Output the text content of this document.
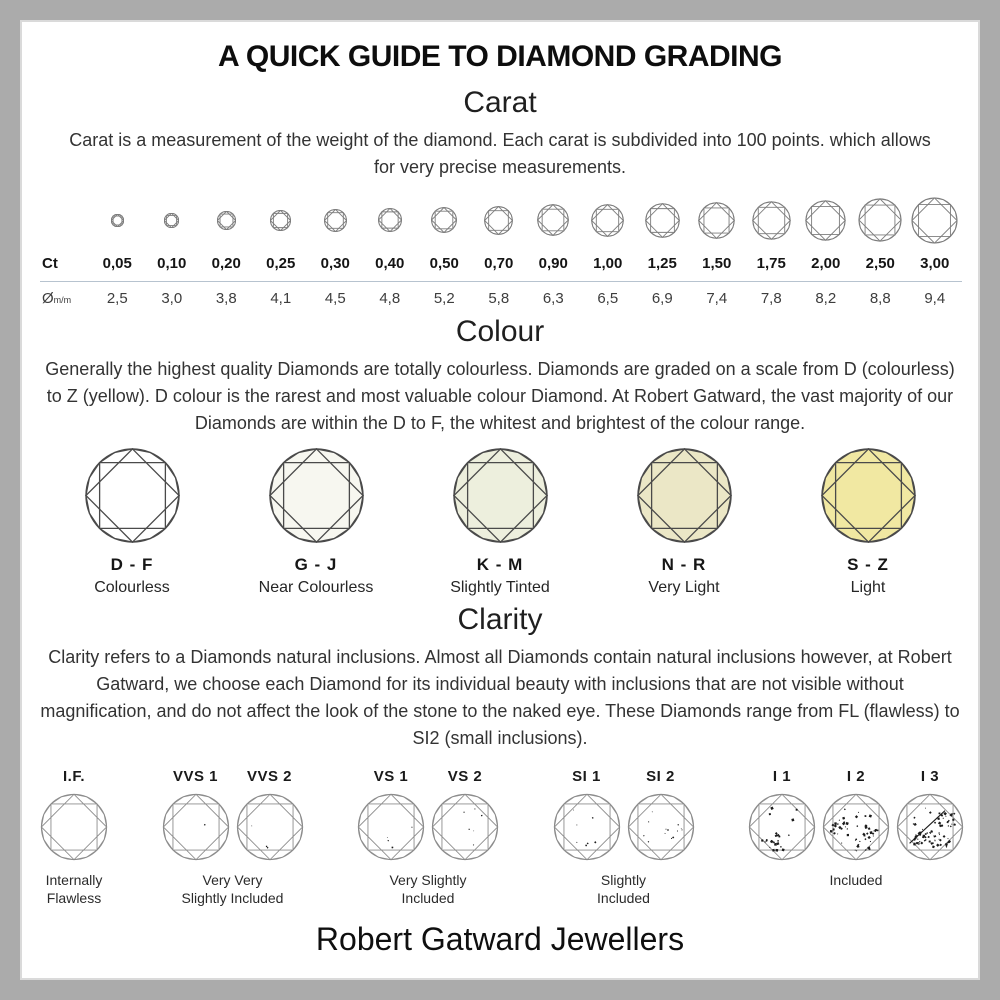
A QUICK GUIDE TO DIAMOND GRADING
Carat

Carat is a measurement of the weight of the diamond. Each carat is subdivided into 100 points. which allows for very precise measurements.

Ct	0,05	0,10	0,20	0,25	0,30	0,40	0,50	0,70	0,90	1,00	1,25	1,50	1,75	2,00	2,50	3,00
Øm/m	2,5	3,0	3,8	4,1	4,5	4,8	5,2	5,8	6,3	6,5	6,9	7,4	7,8	8,2	8,8	9,4
Colour

Generally the highest quality Diamonds are totally colourless. Diamonds are graded on a scale from D (colourless) to Z (yellow). D colour is the rarest and most valuable colour Diamond. At Robert Gatward, the vast majority of our Diamonds are within the D to F, the whitest and brightest of the colour range.

D - F
Colourless
G - J
Near Colourless
K - M
Slightly Tinted
N - R
Very Light
S - Z
Light
Clarity

Clarity refers to a Diamonds natural inclusions. Almost all Diamonds contain natural inclusions however, at Robert Gatward, we choose each Diamond for its individual beauty with inclusions that are not visible without magnification, and do not affect the look of the stone to the naked eye. These Diamonds range from FL (flawless) to SI2 (small inclusions).

I.F.
Internally
Flawless
VVS 1	VVS 2
Very Very
Slightly Included
VS 1	VS 2
Very Slightly
Included
SI 1	SI 2
Slightly
Included
I 1	I 2	I 3
Included
Robert Gatward Jewellers
